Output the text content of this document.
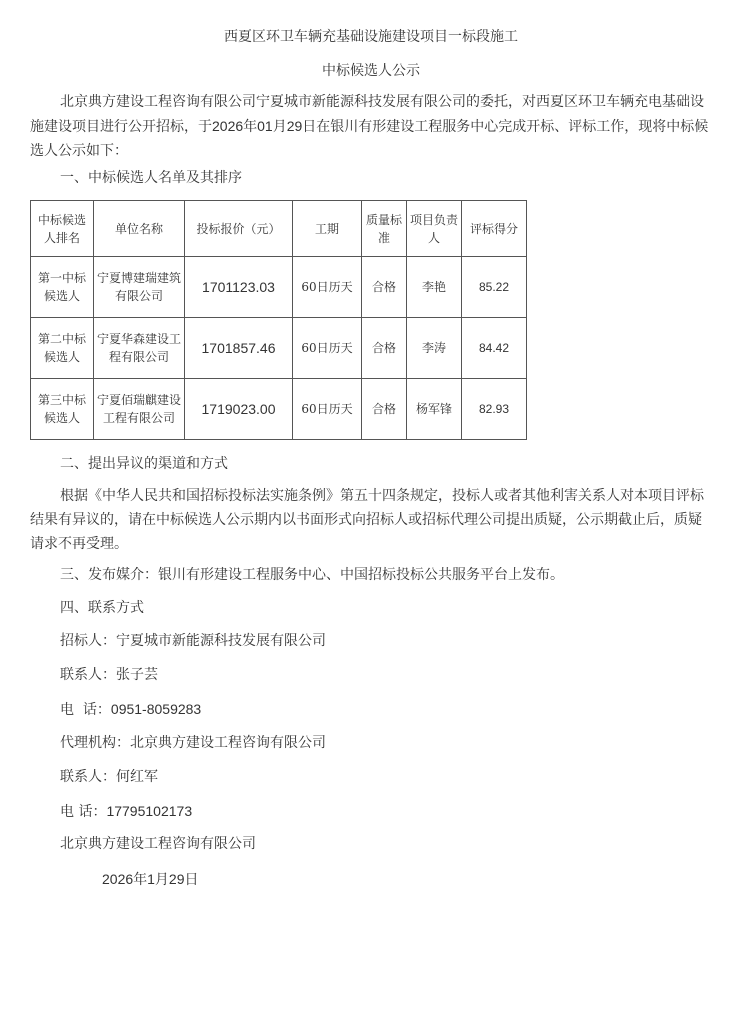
西夏区环卫车辆充基础设施建设项目一标段施工
中标候选人公示

北京典方建设工程咨询有限公司宁夏城市新能源科技发展有限公司的委托，对西夏区环卫车辆充电基础设施建设项目进行公开招标，于2026年01月29日在银川有形建设工程服务中心完成开标、评标工作，现将中标候选人公示如下：

一、中标候选人名单及其排序
中标候选人排名	单位名称	投标报价（元）	工期	质量标准	项目负责人	评标得分
第一中标候选人	宁夏博建瑞建筑有限公司	1701123.03	60日历天	合格	李艳	85.22
第二中标候选人	宁夏华森建设工程有限公司	1701857.46	60日历天	合格	李涛	84.42
第三中标候选人	宁夏佰瑞麒建设工程有限公司	1719023.00	60日历天	合格	杨军锋	82.93
二、提出异议的渠道和方式

根据《中华人民共和国招标投标法实施条例》第五十四条规定，投标人或者其他利害关系人对本项目评标结果有异议的，请在中标候选人公示期内以书面形式向招标人或招标代理公司提出质疑，公示期截止后，质疑请求不再受理。

三、发布媒介：银川有形建设工程服务中心、中国招标投标公共服务平台上发布。
四、联系方式
招标人：宁夏城市新能源科技发展有限公司
联系人：张子芸
电  话：0951-8059283
代理机构：北京典方建设工程咨询有限公司
联系人：何红军
电 话：17795102173
北京典方建设工程咨询有限公司
2026年1月29日
